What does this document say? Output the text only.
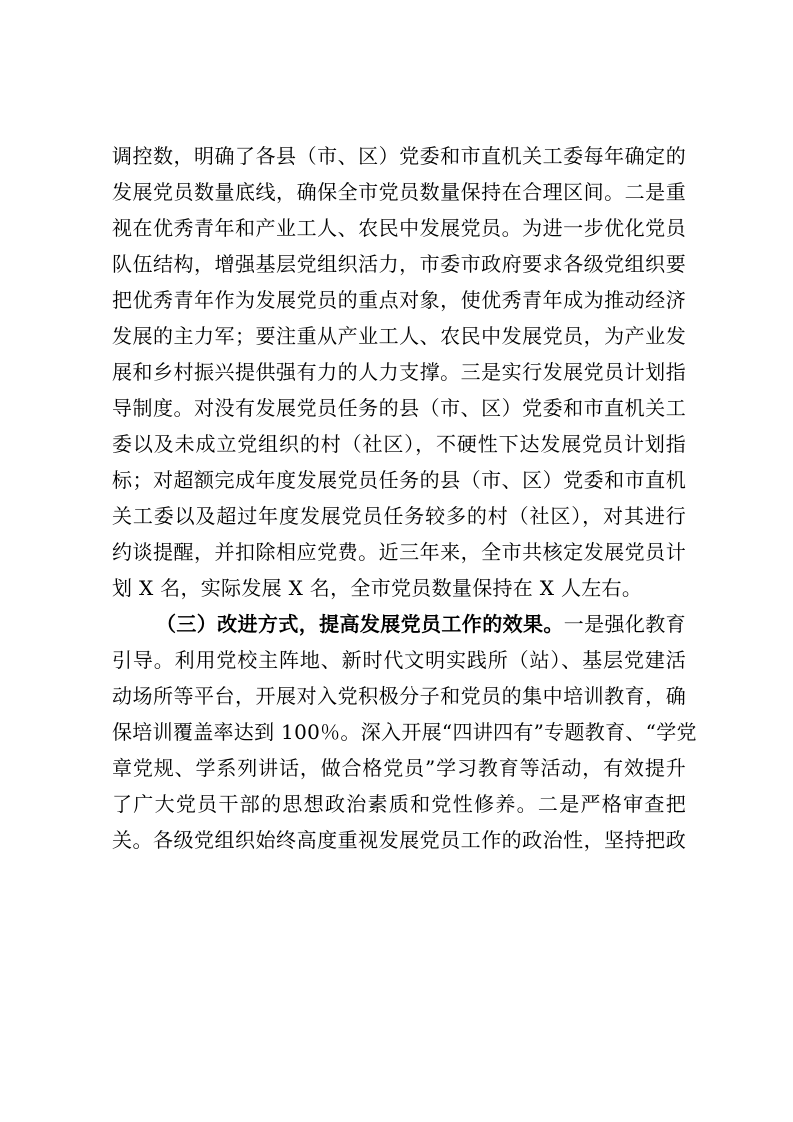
调控数，明确了各县（市、区）党委和市直机关工委每年确定的
发展党员数量底线，确保全市党员数量保持在合理区间。二是重
视在优秀青年和产业工人、农民中发展党员。为进一步优化党员
队伍结构，增强基层党组织活力，市委市政府要求各级党组织要
把优秀青年作为发展党员的重点对象，使优秀青年成为推动经济
发展的主力军；要注重从产业工人、农民中发展党员，为产业发
展和乡村振兴提供强有力的人力支撑。三是实行发展党员计划指
导制度。对没有发展党员任务的县（市、区）党委和市直机关工
委以及未成立党组织的村（社区），不硬性下达发展党员计划指
标；对超额完成年度发展党员任务的县（市、区）党委和市直机
关工委以及超过年度发展党员任务较多的村（社区），对其进行
约谈提醒，并扣除相应党费。近三年来，全市共核定发展党员计
划 X 名，实际发展 X 名，全市党员数量保持在 X 人左右。
（三）改进方式，提高发展党员工作的效果。一是强化教育
引导。利用党校主阵地、新时代文明实践所（站）、基层党建活
动场所等平台，开展对入党积极分子和党员的集中培训教育，确
保培训覆盖率达到 100％。深入开展“四讲四有”专题教育、“学党
章党规、学系列讲话，做合格党员”学习教育等活动，有效提升
了广大党员干部的思想政治素质和党性修养。二是严格审查把
关。各级党组织始终高度重视发展党员工作的政治性，坚持把政
